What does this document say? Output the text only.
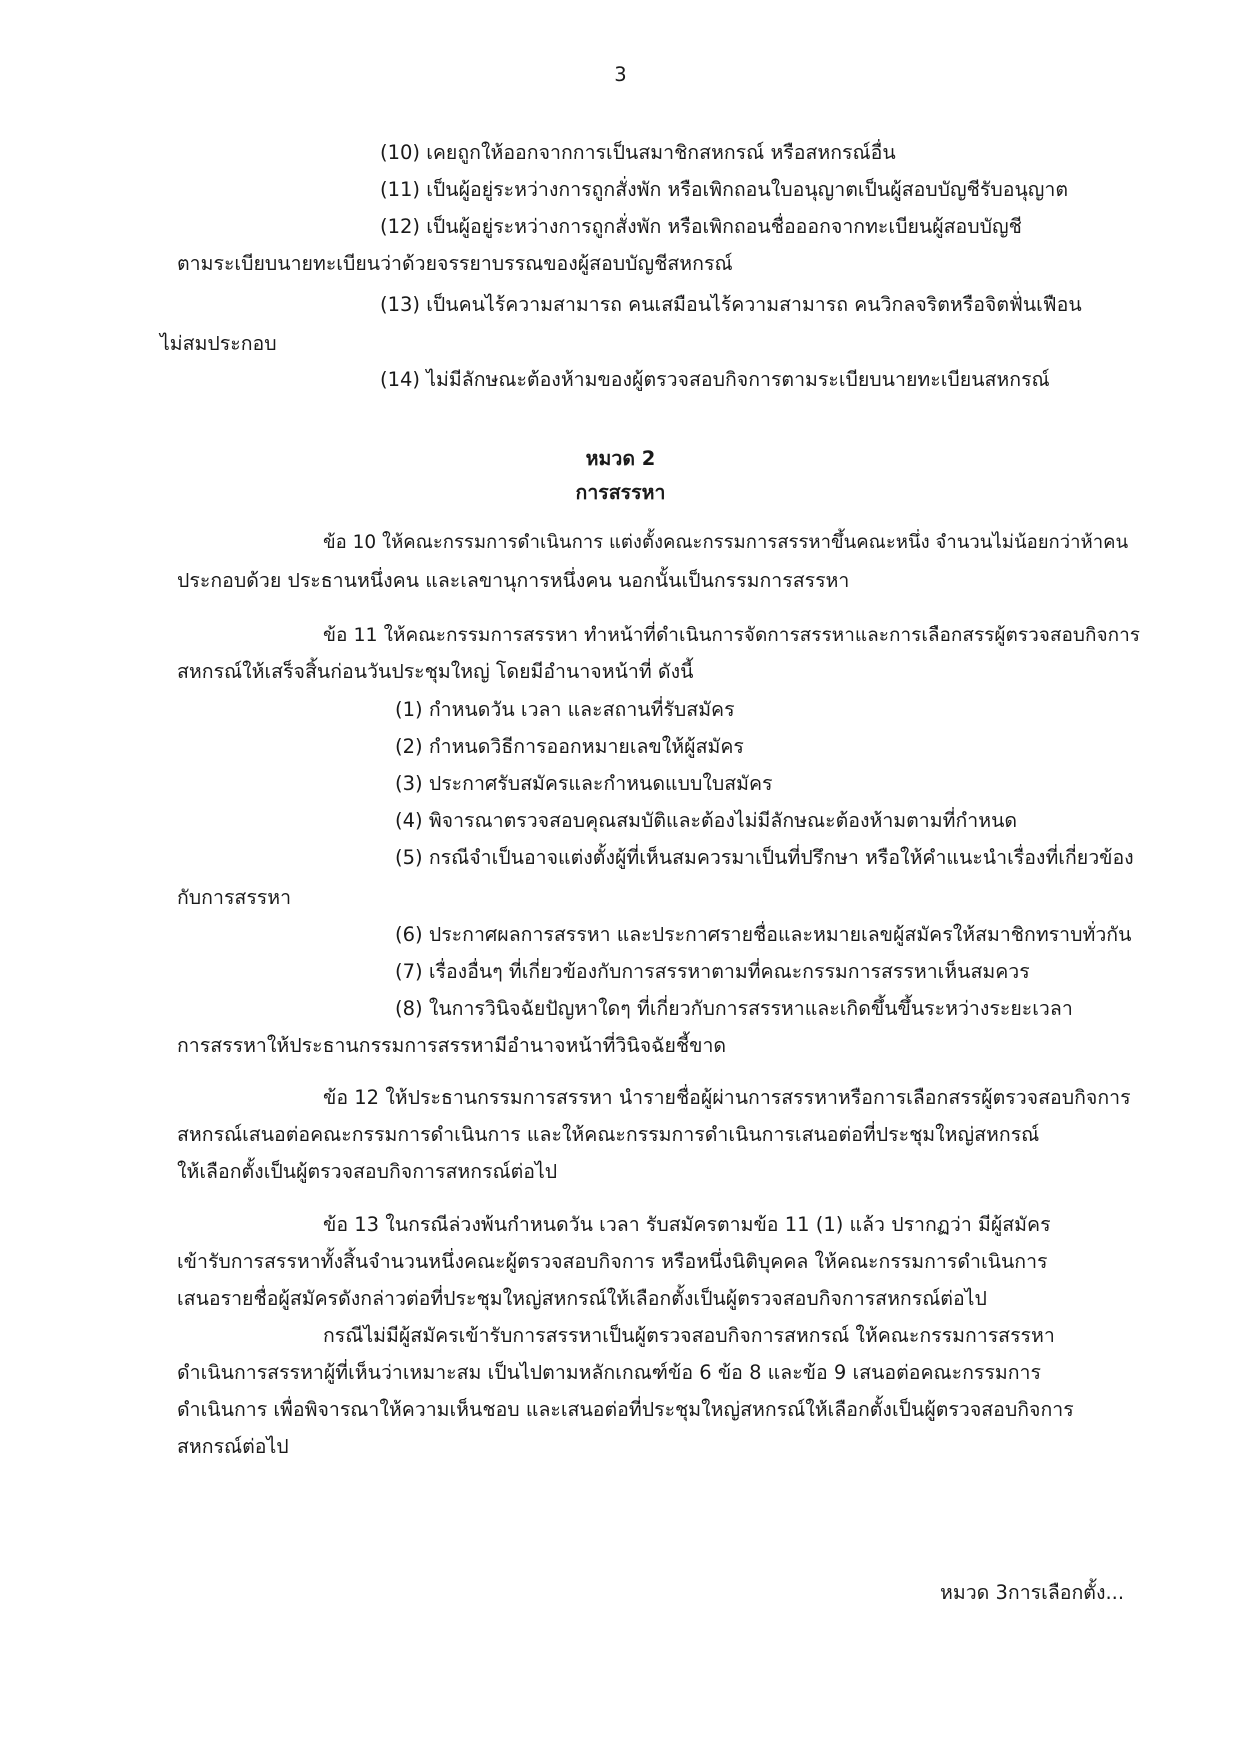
3
(10) เคยถูกให้ออกจากการเป็นสมาชิกสหกรณ์ หรือสหกรณ์อื่น
(11) เป็นผู้อยู่ระหว่างการถูกสั่งพัก หรือเพิกถอนใบอนุญาตเป็นผู้สอบบัญชีรับอนุญาต
(12) เป็นผู้อยู่ระหว่างการถูกสั่งพัก หรือเพิกถอนชื่อออกจากทะเบียนผู้สอบบัญชี
ตามระเบียบนายทะเบียนว่าด้วยจรรยาบรรณของผู้สอบบัญชีสหกรณ์
(13) เป็นคนไร้ความสามารถ คนเสมือนไร้ความสามารถ คนวิกลจริตหรือจิตฟั่นเฟือน
ไม่สมประกอบ
(14) ไม่มีลักษณะต้องห้ามของผู้ตรวจสอบกิจการตามระเบียบนายทะเบียนสหกรณ์
หมวด 2
การสรรหา
ข้อ 10 ให้คณะกรรมการดำเนินการ แต่งตั้งคณะกรรมการสรรหาขึ้นคณะหนึ่ง จำนวนไม่น้อยกว่าห้าคน
ประกอบด้วย ประธานหนึ่งคน และเลขานุการหนึ่งคน นอกนั้นเป็นกรรมการสรรหา
ข้อ 11 ให้คณะกรรมการสรรหา ทำหน้าที่ดำเนินการจัดการสรรหาและการเลือกสรรผู้ตรวจสอบกิจการ
สหกรณ์ให้เสร็จสิ้นก่อนวันประชุมใหญ่ โดยมีอำนาจหน้าที่ ดังนี้
(1) กำหนดวัน เวลา และสถานที่รับสมัคร
(2) กำหนดวิธีการออกหมายเลขให้ผู้สมัคร
(3) ประกาศรับสมัครและกำหนดแบบใบสมัคร
(4) พิจารณาตรวจสอบคุณสมบัติและต้องไม่มีลักษณะต้องห้ามตามที่กำหนด
(5) กรณีจำเป็นอาจแต่งตั้งผู้ที่เห็นสมควรมาเป็นที่ปรึกษา หรือให้คำแนะนำเรื่องที่เกี่ยวข้อง
กับการสรรหา
(6) ประกาศผลการสรรหา และประกาศรายชื่อและหมายเลขผู้สมัครให้สมาชิกทราบทั่วกัน
(7) เรื่องอื่นๆ ที่เกี่ยวข้องกับการสรรหาตามที่คณะกรรมการสรรหาเห็นสมควร
(8) ในการวินิจฉัยปัญหาใดๆ ที่เกี่ยวกับการสรรหาและเกิดขึ้นขึ้นระหว่างระยะเวลา
การสรรหาให้ประธานกรรมการสรรหามีอำนาจหน้าที่วินิจฉัยชี้ขาด
ข้อ 12 ให้ประธานกรรมการสรรหา นำรายชื่อผู้ผ่านการสรรหาหรือการเลือกสรรผู้ตรวจสอบกิจการ
สหกรณ์เสนอต่อคณะกรรมการดำเนินการ และให้คณะกรรมการดำเนินการเสนอต่อที่ประชุมใหญ่สหกรณ์
ให้เลือกตั้งเป็นผู้ตรวจสอบกิจการสหกรณ์ต่อไป
ข้อ 13 ในกรณีล่วงพ้นกำหนดวัน เวลา รับสมัครตามข้อ 11 (1) แล้ว ปรากฏว่า มีผู้สมัคร
เข้ารับการสรรหาทั้งสิ้นจำนวนหนึ่งคณะผู้ตรวจสอบกิจการ หรือหนึ่งนิติบุคคล ให้คณะกรรมการดำเนินการ
เสนอรายชื่อผู้สมัครดังกล่าวต่อที่ประชุมใหญ่สหกรณ์ให้เลือกตั้งเป็นผู้ตรวจสอบกิจการสหกรณ์ต่อไป
กรณีไม่มีผู้สมัครเข้ารับการสรรหาเป็นผู้ตรวจสอบกิจการสหกรณ์ ให้คณะกรรมการสรรหา
ดำเนินการสรรหาผู้ที่เห็นว่าเหมาะสม เป็นไปตามหลักเกณฑ์ข้อ 6 ข้อ 8 และข้อ 9 เสนอต่อคณะกรรมการ
ดำเนินการ เพื่อพิจารณาให้ความเห็นชอบ และเสนอต่อที่ประชุมใหญ่สหกรณ์ให้เลือกตั้งเป็นผู้ตรวจสอบกิจการ
สหกรณ์ต่อไป
หมวด 3การเลือกตั้ง...
